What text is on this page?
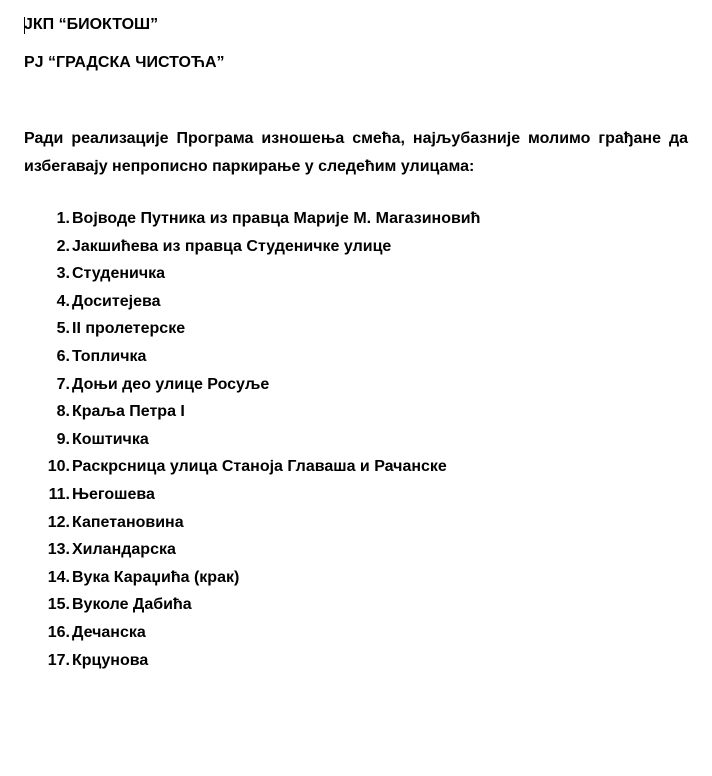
ЈКП “БИОКТОШ”
РЈ “ГРАДСКА ЧИСТОЋА”
Ради реализације Програма изношења смећа, најљубазније молимо грађане да избегавају непрописно паркирање у следећим улицама:
1. Војводе Путника из правца Марије М. Магазиновић
2. Јакшићева из правца Студеничке улице
3. Студеничка
4. Доситејева
5. II пролетерске
6. Топличка
7. Доњи део улице Росуље
8. Краља Петра I
9. Коштичка
10. Раскрсница улица Станоја Главаша и Рачанске
11. Његошева
12. Капетановина
13. Хиландарска
14. Вука Караџића (крак)
15. Вуколе Дабића
16. Дечанска
17. Крцунова
